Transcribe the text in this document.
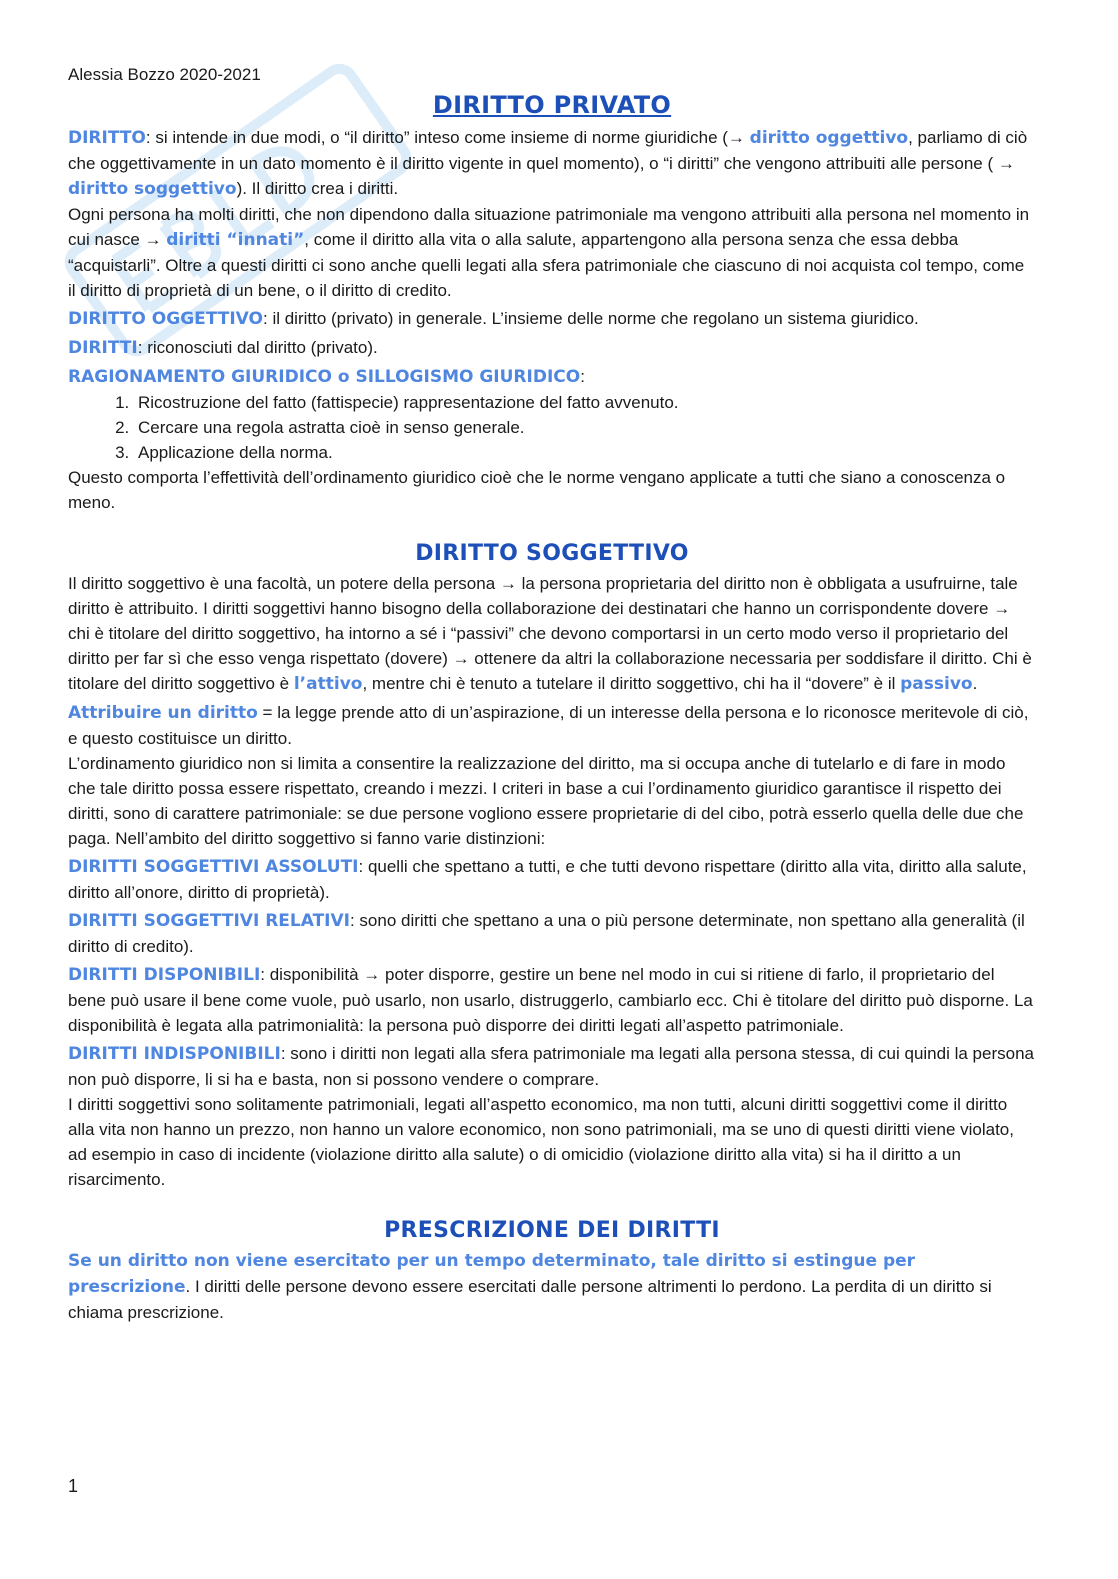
Alessia Bozzo 2020-2021

DIRITTO PRIVATO

DIRITTO: si intende in due modi, o “il diritto” inteso come insieme di norme giuridiche (→ diritto oggettivo, parliamo di ciò che oggettivamente in un dato momento è il diritto vigente in quel momento), o “i diritti” che vengono attribuiti alle persone ( → diritto soggettivo). Il diritto crea i diritti.

Ogni persona ha molti diritti, che non dipendono dalla situazione patrimoniale ma vengono attribuiti alla persona nel momento in cui nasce → diritti “innati”, come il diritto alla vita o alla salute, appartengono alla persona senza che essa debba “acquistarli”. Oltre a questi diritti ci sono anche quelli legati alla sfera patrimoniale che ciascuno di noi acquista col tempo, come il diritto di proprietà di un bene, o il diritto di credito.

DIRITTO OGGETTIVO: il diritto (privato) in generale. L’insieme delle norme che regolano un sistema giuridico.

DIRITTI: riconosciuti dal diritto (privato).

RAGIONAMENTO GIURIDICO o SILLOGISMO GIURIDICO:

1. Ricostruzione del fatto (fattispecie) rappresentazione del fatto avvenuto.
2. Cercare una regola astratta cioè in senso generale.
3. Applicazione della norma.

Questo comporta l’effettività dell’ordinamento giuridico cioè che le norme vengano applicate a tutti che siano a conoscenza o meno.

DIRITTO SOGGETTIVO

Il diritto soggettivo è una facoltà, un potere della persona → la persona proprietaria del diritto non è obbligata a usufruirne, tale diritto è attribuito. I diritti soggettivi hanno bisogno della collaborazione dei destinatari che hanno un corrispondente dovere → chi è titolare del diritto soggettivo, ha intorno a sé i “passivi” che devono comportarsi in un certo modo verso il proprietario del diritto per far sì che esso venga rispettato (dovere) → ottenere da altri la collaborazione necessaria per soddisfare il diritto. Chi è titolare del diritto soggettivo è l’attivo, mentre chi è tenuto a tutelare il diritto soggettivo, chi ha il “dovere” è il passivo.

Attribuire un diritto = la legge prende atto di un’aspirazione, di un interesse della persona e lo riconosce meritevole di ciò, e questo costituisce un diritto.

L’ordinamento giuridico non si limita a consentire la realizzazione del diritto, ma si occupa anche di tutelarlo e di fare in modo che tale diritto possa essere rispettato, creando i mezzi. I criteri in base a cui l’ordinamento giuridico garantisce il rispetto dei diritti, sono di carattere patrimoniale: se due persone vogliono essere proprietarie di del cibo, potrà esserlo quella delle due che paga. Nell’ambito del diritto soggettivo si fanno varie distinzioni:

DIRITTI SOGGETTIVI ASSOLUTI: quelli che spettano a tutti, e che tutti devono rispettare (diritto alla vita, diritto alla salute, diritto all’onore, diritto di proprietà).

DIRITTI SOGGETTIVI RELATIVI: sono diritti che spettano a una o più persone determinate, non spettano alla generalità (il diritto di credito).

DIRITTI DISPONIBILI: disponibilità → poter disporre, gestire un bene nel modo in cui si ritiene di farlo, il proprietario del bene può usare il bene come vuole, può usarlo, non usarlo, distruggerlo, cambiarlo ecc. Chi è titolare del diritto può disporne. La disponibilità è legata alla patrimonialità: la persona può disporre dei diritti legati all’aspetto patrimoniale.

DIRITTI INDISPONIBILI: sono i diritti non legati alla sfera patrimoniale ma legati alla persona stessa, di cui quindi la persona non può disporre, li si ha e basta, non si possono vendere o comprare.

I diritti soggettivi sono solitamente patrimoniali, legati all’aspetto economico, ma non tutti, alcuni diritti soggettivi come il diritto alla vita non hanno un prezzo, non hanno un valore economico, non sono patrimoniali, ma se uno di questi diritti viene violato, ad esempio in caso di incidente (violazione diritto alla salute) o di omicidio (violazione diritto alla vita) si ha il diritto a un risarcimento.

PRESCRIZIONE DEI DIRITTI

Se un diritto non viene esercitato per un tempo determinato, tale diritto si estingue per prescrizione. I diritti delle persone devono essere esercitati dalle persone altrimenti lo perdono. La perdita di un diritto si chiama prescrizione.

1
